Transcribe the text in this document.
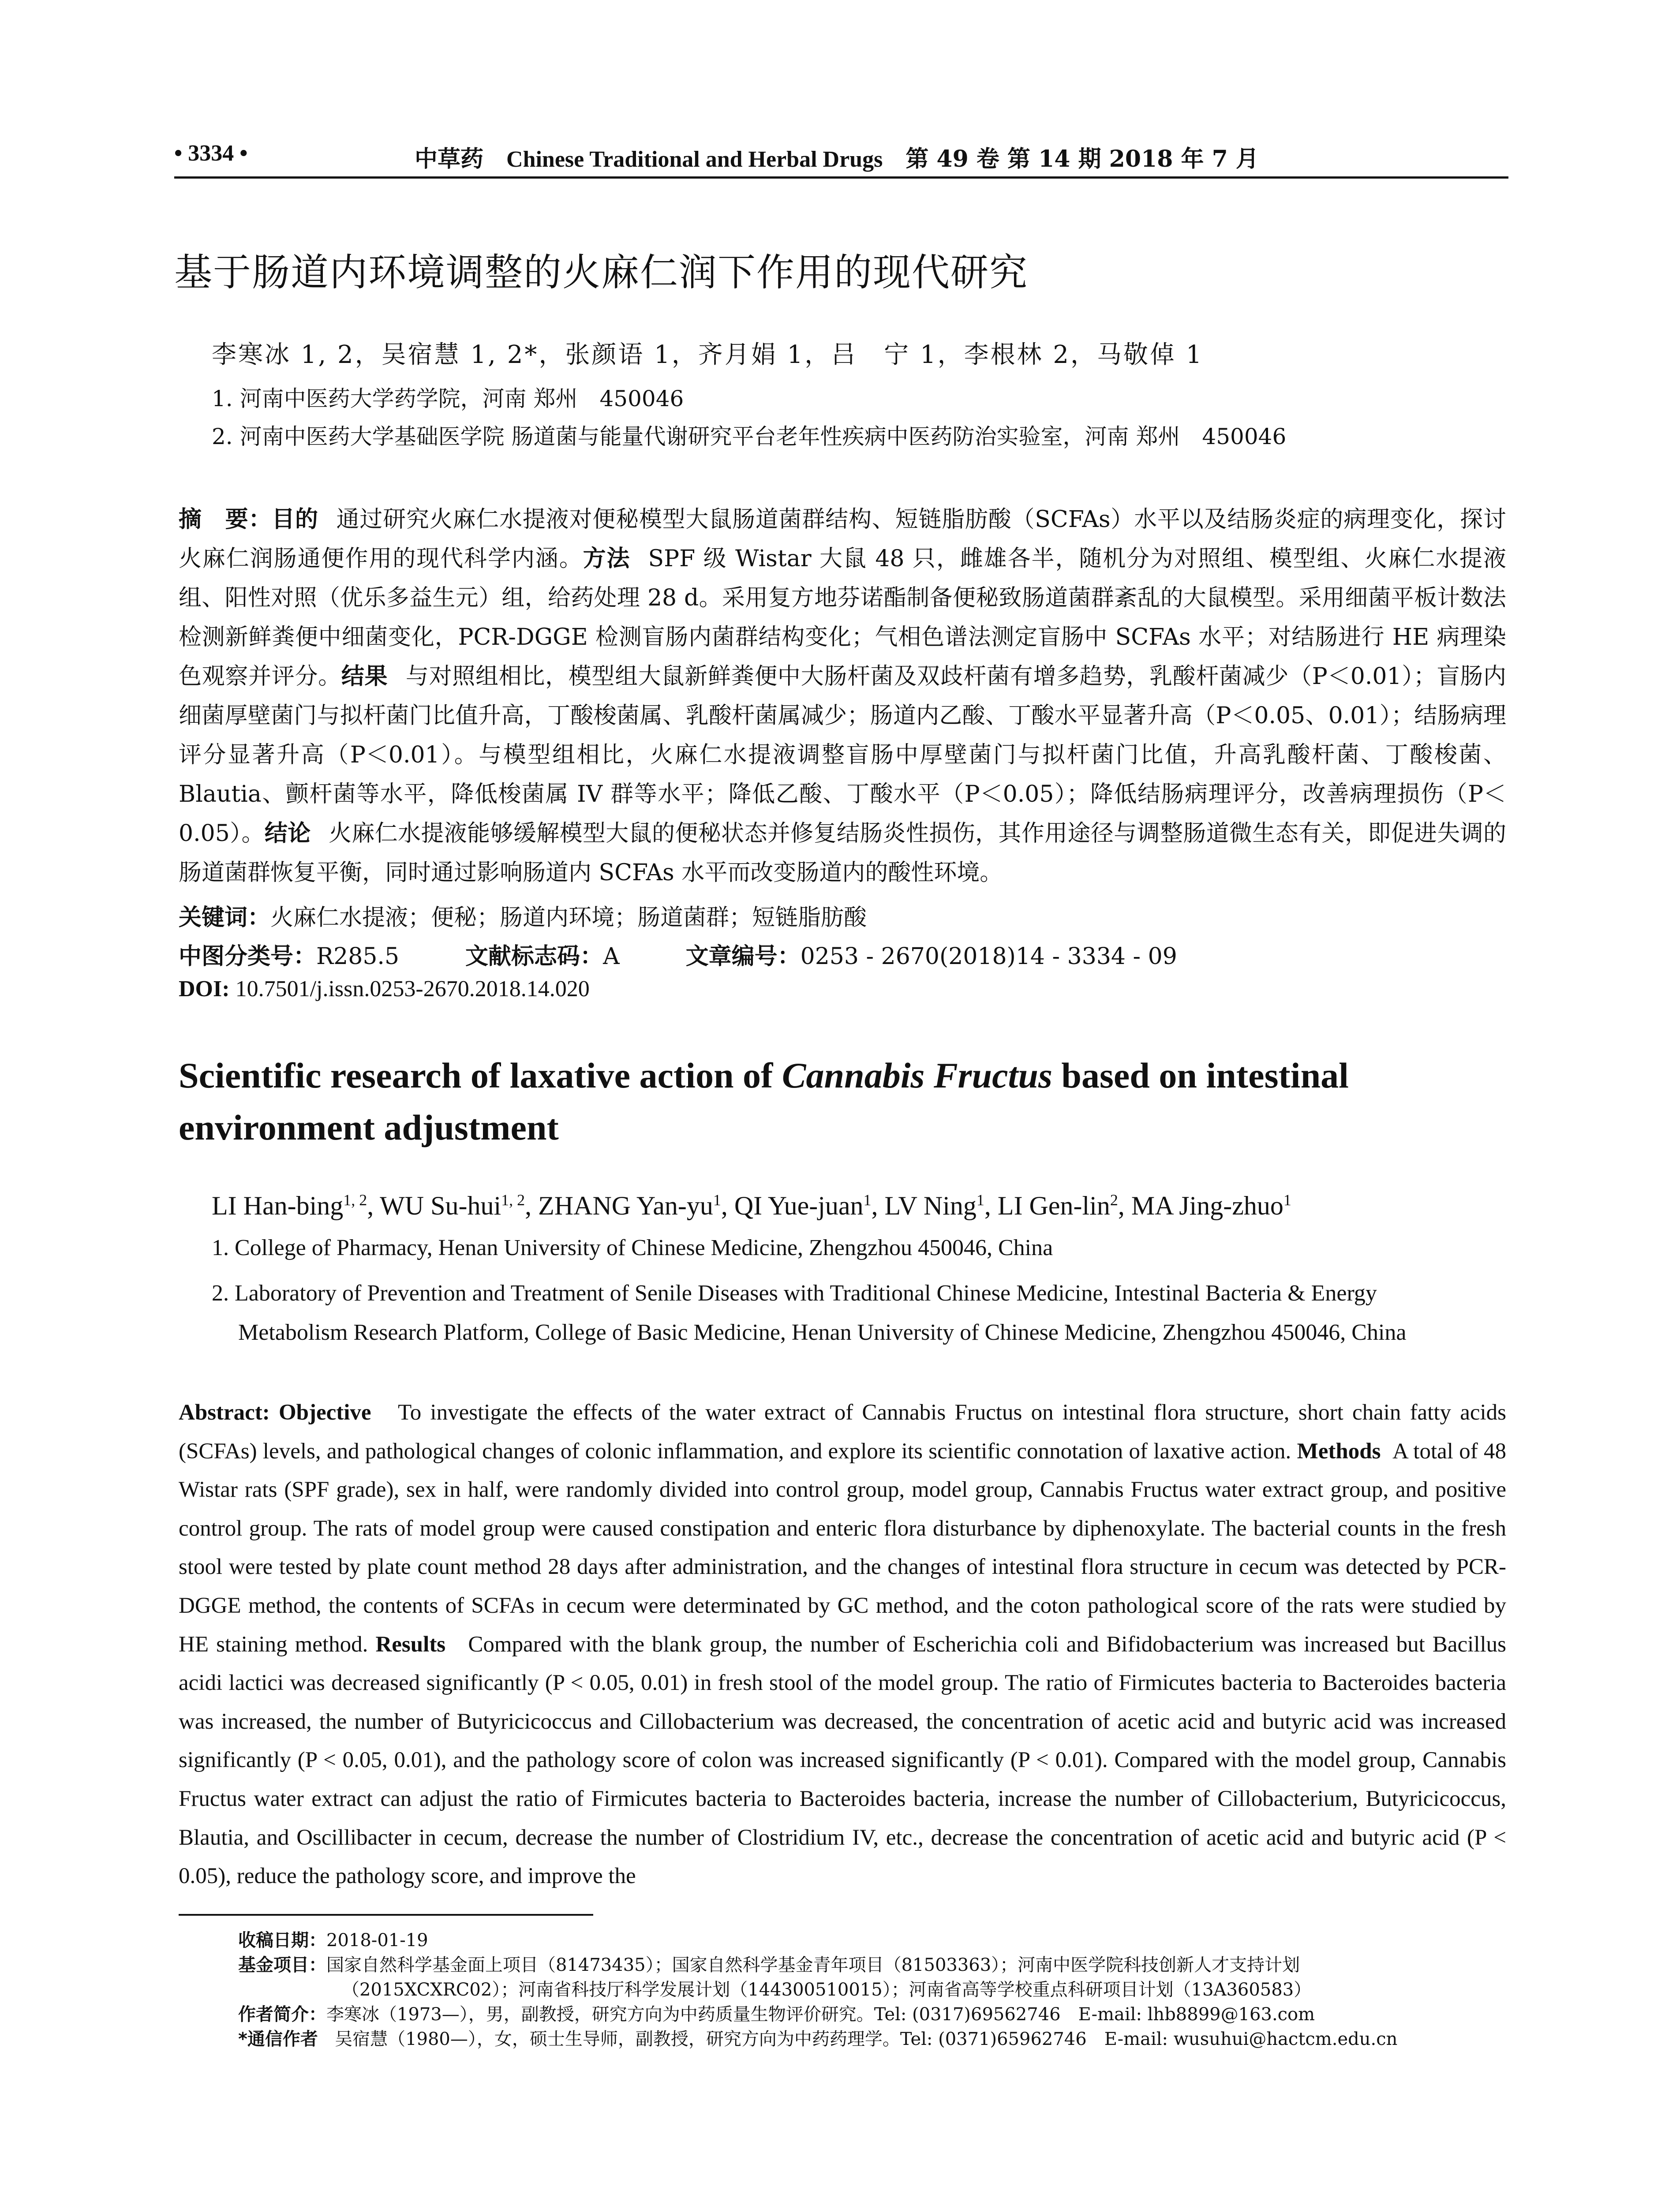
• 3334 •	中草药 Chinese Traditional and Herbal Drugs 第 49 卷 第 14 期 2018 年 7 月
基于肠道内环境调整的火麻仁润下作用的现代研究
李寒冰 1, 2，吴宿慧 1, 2*，张颜语 1，齐月娟 1，吕　宁 1，李根林 2，马敬倬 1
1. 河南中医药大学药学院，河南 郑州　450046
2. 河南中医药大学基础医学院 肠道菌与能量代谢研究平台老年性疾病中医药防治实验室，河南 郑州　450046
摘　要：目的 通过研究火麻仁水提液对便秘模型大鼠肠道菌群结构、短链脂肪酸（SCFAs）水平以及结肠炎症的病理变化，探讨火麻仁润肠通便作用的现代科学内涵。方法 SPF 级 Wistar 大鼠 48 只，雌雄各半，随机分为对照组、模型组、火麻仁水提液组、阳性对照（优乐多益生元）组，给药处理 28 d。采用复方地芬诺酯制备便秘致肠道菌群紊乱的大鼠模型。采用细菌平板计数法检测新鲜粪便中细菌变化，PCR-DGGE 检测盲肠内菌群结构变化；气相色谱法测定盲肠中 SCFAs 水平；对结肠进行 HE 病理染色观察并评分。结果 与对照组相比，模型组大鼠新鲜粪便中大肠杆菌及双歧杆菌有增多趋势，乳酸杆菌减少（P＜0.01）；盲肠内细菌厚壁菌门与拟杆菌门比值升高，丁酸梭菌属、乳酸杆菌属减少；肠道内乙酸、丁酸水平显著升高（P＜0.05、0.01）；结肠病理评分显著升高（P＜0.01）。与模型组相比，火麻仁水提液调整盲肠中厚壁菌门与拟杆菌门比值，升高乳酸杆菌、丁酸梭菌、Blautia、颤杆菌等水平，降低梭菌属 IV 群等水平；降低乙酸、丁酸水平（P＜0.05）；降低结肠病理评分，改善病理损伤（P＜0.05）。结论 火麻仁水提液能够缓解模型大鼠的便秘状态并修复结肠炎性损伤，其作用途径与调整肠道微生态有关，即促进失调的肠道菌群恢复平衡，同时通过影响肠道内 SCFAs 水平而改变肠道内的酸性环境。
关键词：火麻仁水提液；便秘；肠道内环境；肠道菌群；短链脂肪酸
中图分类号：R285.5	文献标志码：A	文章编号：0253 - 2670(2018)14 - 3334 - 09
DOI: 10.7501/j.issn.0253-2670.2018.14.020
Scientific research of laxative action of Cannabis Fructus based on intestinal environment adjustment
LI Han-bing$^{1, 2}$, WU Su-hui$^{1, 2}$, ZHANG Yan-$yu^1$, QI Yue-juan$^1$, LV Ning$^1$, LI Gen-lin$^2$, MA Jing-zhuo$^1$
1. College of Pharmacy, Henan University of Chinese Medicine, Zhengzhou 450046, China
2. Laboratory of Prevention and Treatment of Senile Diseases with Traditional Chinese Medicine, Intestinal Bacteria & Energy
Metabolism Research Platform, College of Basic Medicine, Henan University of Chinese Medicine, Zhengzhou 450046, China
Abstract: Objective To investigate the effects of the water extract of Cannabis Fructus on intestinal flora structure, short chain fatty acids (SCFAs) levels, and pathological changes of colonic inflammation, and explore its scientific connotation of laxative action. Methods A total of 48 Wistar rats (SPF grade), sex in half, were randomly divided into control group, model group, Cannabis Fructus water extract group, and positive control group. The rats of model group were caused constipation and enteric flora disturbance by diphenoxylate. The bacterial counts in the fresh stool were tested by plate count method 28 days after administration, and the changes of intestinal flora structure in cecum was detected by PCR-DGGE method, the contents of SCFAs in cecum were determinated by GC method, and the coton pathological score of the rats were studied by HE staining method. Results Compared with the blank group, the number of Escherichia coli and Bifidobacterium was increased but Bacillus acidi lactici was decreased significantly (P < 0.05, 0.01) in fresh stool of the model group. The ratio of Firmicutes bacteria to Bacteroides bacteria was increased, the number of Butyricicoccus and Cillobacterium was decreased, the concentration of acetic acid and butyric acid was increased significantly (P < 0.05, 0.01), and the pathology score of colon was increased significantly (P < 0.01). Compared with the model group, Cannabis Fructus water extract can adjust the ratio of Firmicutes bacteria to Bacteroides bacteria, increase the number of Cillobacterium, Butyricicoccus, Blautia, and Oscillibacter in cecum, decrease the number of Clostridium IV, etc., decrease the concentration of acetic acid and butyric acid (P < 0.05), reduce the pathology score, and improve the
收稿日期：2018-01-19
基金项目：国家自然科学基金面上项目（81473435）；国家自然科学基金青年项目（81503363）；河南中医学院科技创新人才支持计划
（2015XCXRC02）；河南省科技厅科学发展计划（144300510015）；河南省高等学校重点科研项目计划（13A360583）
作者简介：李寒冰（1973—），男，副教授，研究方向为中药质量生物评价研究。Tel: (0317)69562746　E-mail: lhb8899@163.com
*通信作者 吴宿慧（1980—），女，硕士生导师，副教授，研究方向为中药药理学。Tel: (0371)65962746　E-mail: wusuhui@hactcm.edu.cn
